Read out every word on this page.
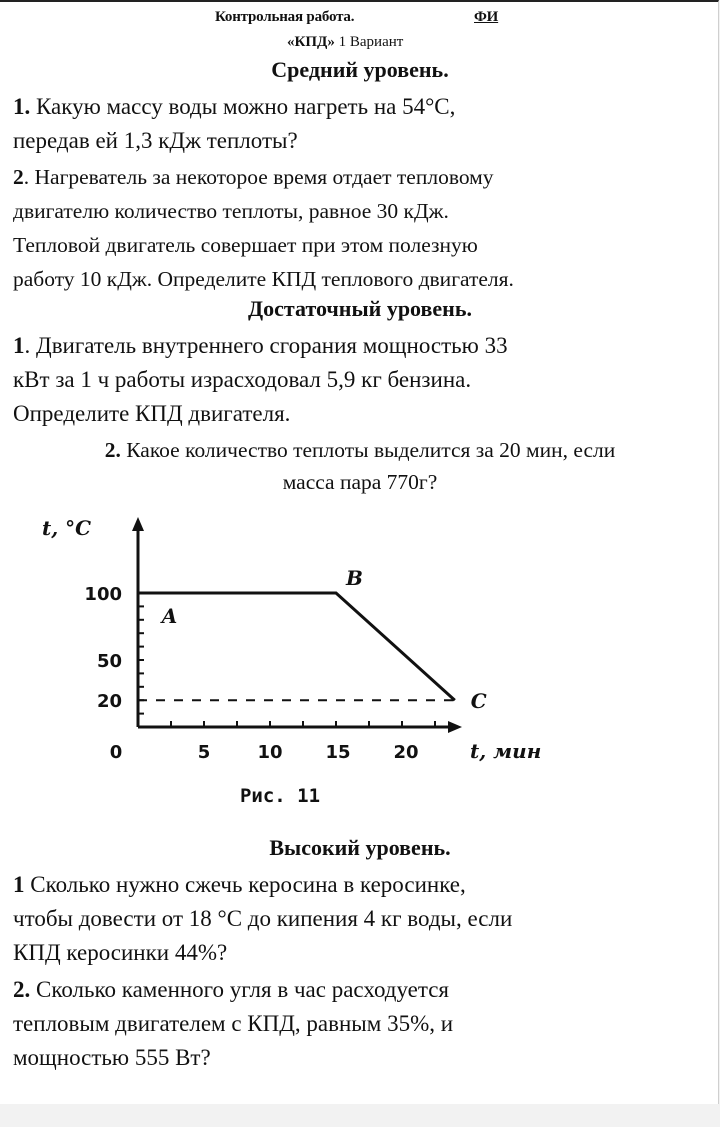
Контрольная работа.	ФИ
«КПД» 1 Вариант
Средний уровень.
1. Какую массу воды можно нагреть на 54°С,
передав ей 1,3 кДж теплоты?
2. Нагреватель за некоторое время отдает тепловому
двигателю количество теплоты, равное 30 кДж.
Тепловой двигатель совершает при этом полезную
работу 10 кДж. Определите КПД теплового двигателя.
Достаточный уровень.
1. Двигатель внутреннего сгорания мощностью 33
кВт за 1 ч работы израсходовал 5,9 кг бензина.
Определите КПД двигателя.
2. Какое количество теплоты выделится за 20 мин, если
масса пара 770г?
0	5	10 15 20
100
50
20
t, °С
t, мин
A
B
C
Рис. 11
Высокий уровень.
1 Сколько нужно сжечь керосина в керосинке,
чтобы довести от 18 °С до кипения 4 кг воды, если
КПД керосинки 44%?
2. Сколько каменного угля в час расходуется
тепловым двигателем с КПД, равным 35%, и
мощностью 555 Вт?
